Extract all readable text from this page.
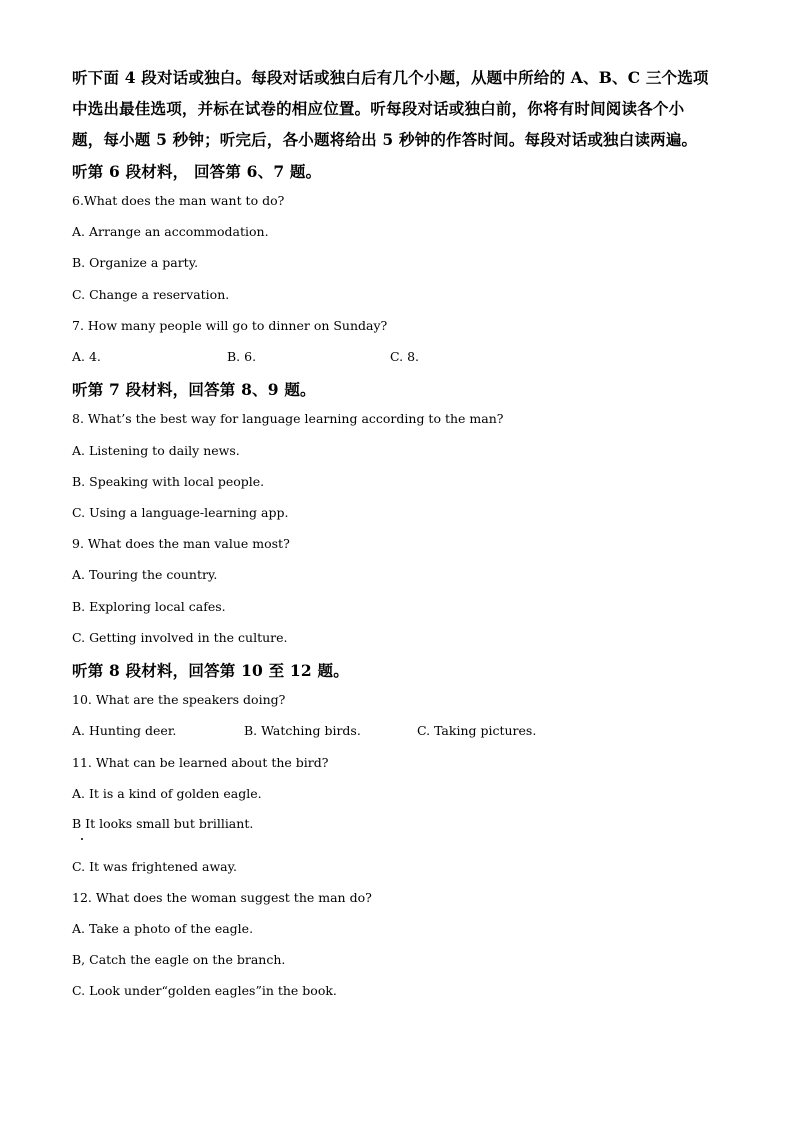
听下面 4 段对话或独白。每段对话或独白后有几个小题，从题中所给的 A、B、C 三个选项
中选出最佳选项，并标在试卷的相应位置。听每段对话或独白前，你将有时间阅读各个小
题，每小题 5 秒钟；听完后，各小题将给出 5 秒钟的作答时间。每段对话或独白读两遍。
听第 6 段材料， 回答第 6、7 题。
6.What does the man want to do?
A. Arrange an accommodation.
B. Organize a party.
C. Change a reservation.
7. How many people will go to dinner on Sunday?
A. 4.	B. 6.	C. 8.
听第 7 段材料，回答第 8、9 题。
8. What’s the best way for language learning according to the man?
A. Listening to daily news.
B. Speaking with local people.
C. Using a language-learning app.
9. What does the man value most?
A. Touring the country.
B. Exploring local cafes.
C. Getting involved in the culture.
听第 8 段材料，回答第 10 至 12 题。
10. What are the speakers doing?
A. Hunting deer.	B. Watching birds.	C. Taking pictures.
11. What can be learned about the bird?
A. It is a kind of golden eagle.
B It looks small but brilliant.
C. It was frightened away.
12. What does the woman suggest the man do?
A. Take a photo of the eagle.
B, Catch the eagle on the branch.
C. Look under“golden eagles”in the book.
